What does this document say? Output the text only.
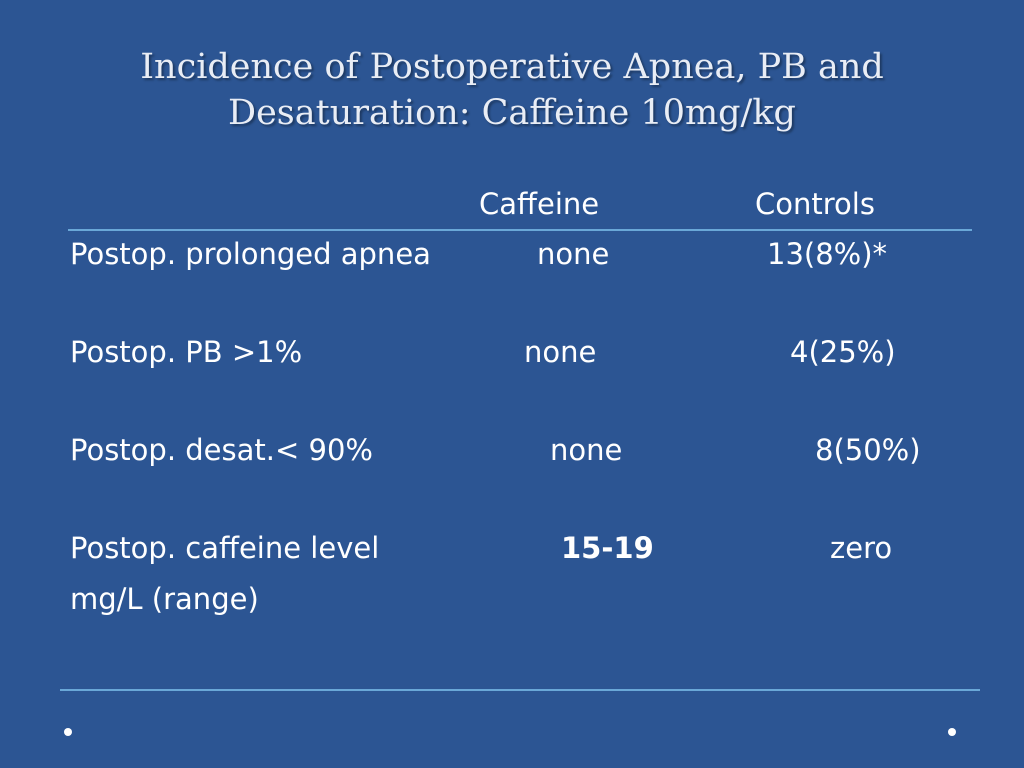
Incidence of Postoperative Apnea, PB and
Desaturation: Caffeine 10mg/kg
Caffeine	Controls
Postop. prolonged apnea	none	13(8%)*
Postop. PB >1%	none	4(25%)
Postop. desat.< 90%	none	8(50%)
Postop. caffeine level
mg/L (range)
15-19	zero
